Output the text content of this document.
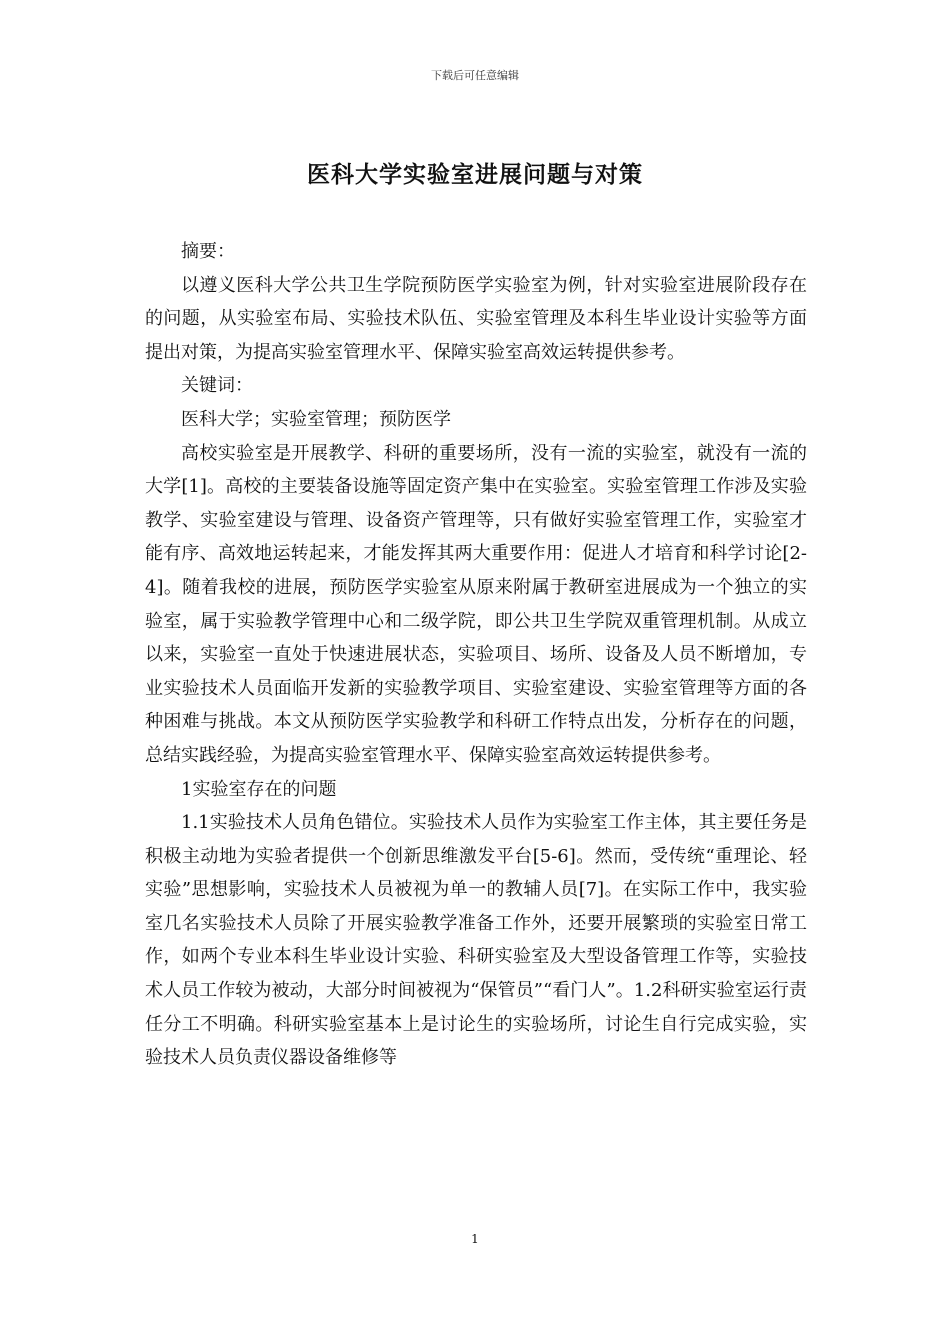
下载后可任意编辑
医科大学实验室进展问题与对策

摘要：

以遵义医科大学公共卫生学院预防医学实验室为例，针对实验室进展阶段存在的问题，从实验室布局、实验技术队伍、实验室管理及本科生毕业设计实验等方面提出对策，为提高实验室管理水平、保障实验室高效运转提供参考。

关键词：

医科大学；实验室管理；预防医学

高校实验室是开展教学、科研的重要场所，没有一流的实验室，就没有一流的大学[1]。高校的主要装备设施等固定资产集中在实验室。实验室管理工作涉及实验教学、实验室建设与管理、设备资产管理等，只有做好实验室管理工作，实验室才能有序、高效地运转起来，才能发挥其两大重要作用：促进人才培育和科学讨论[2-4]。随着我校的进展，预防医学实验室从原来附属于教研室进展成为一个独立的实验室，属于实验教学管理中心和二级学院，即公共卫生学院双重管理机制。从成立以来，实验室一直处于快速进展状态，实验项目、场所、设备及人员不断增加，专业实验技术人员面临开发新的实验教学项目、实验室建设、实验室管理等方面的各种困难与挑战。本文从预防医学实验教学和科研工作特点出发，分析存在的问题，总结实践经验，为提高实验室管理水平、保障实验室高效运转提供参考。

1实验室存在的问题

1.1实验技术人员角色错位。实验技术人员作为实验室工作主体，其主要任务是积极主动地为实验者提供一个创新思维激发平台[5-6]。然而，受传统“重理论、轻实验”思想影响，实验技术人员被视为单一的教辅人员[7]。在实际工作中，我实验室几名实验技术人员除了开展实验教学准备工作外，还要开展繁琐的实验室日常工作，如两个专业本科生毕业设计实验、科研实验室及大型设备管理工作等，实验技术人员工作较为被动，大部分时间被视为“保管员”“看门人”。1.2科研实验室运行责任分工不明确。科研实验室基本上是讨论生的实验场所，讨论生自行完成实验，实验技术人员负责仪器设备维修等

1
